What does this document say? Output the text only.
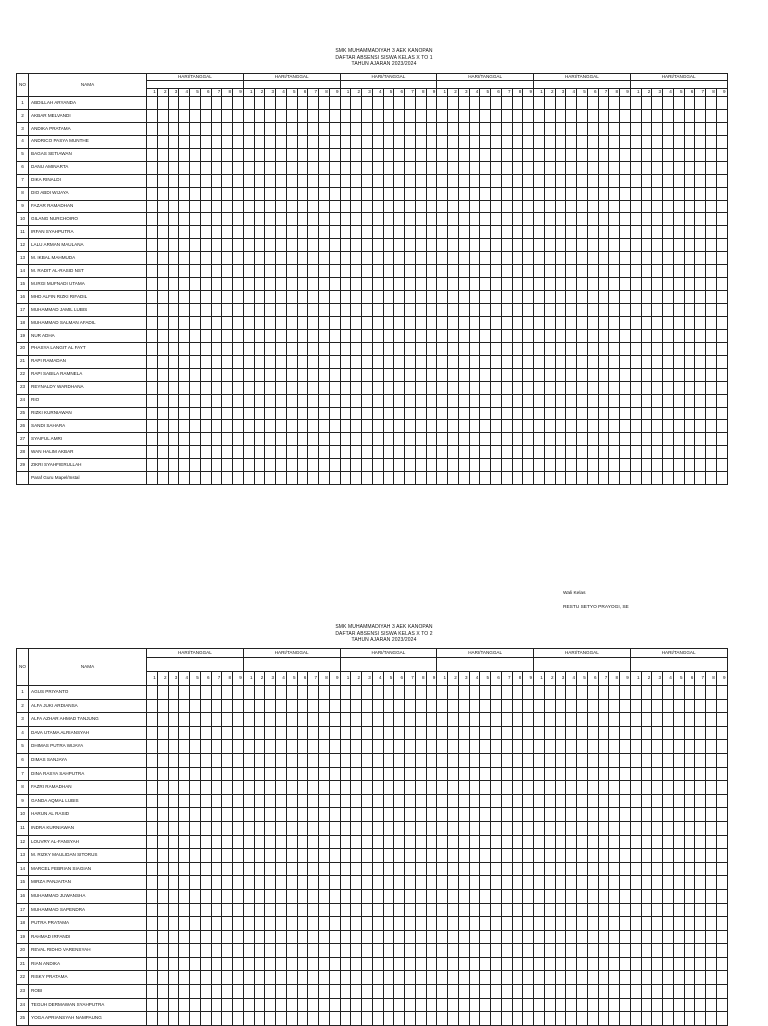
SMK MUHAMMADIYAH 3 AEK KANOPAN
DAFTAR ABSENSI SISWA KELAS X TO 1
TAHUN AJARAN 2023/2024
NO	NAMA	HARI/TANGGAL									HARI/TANGGAL									HARI/TANGGAL									HARI/TANGGAL									HARI/TANGGAL									HARI/TANGGAL								

		1	2	3	4	5	6	7	8	9	1	2	3	4	5	6	7	8	9	1	2	3	4	5	6	7	8	9	1	2	3	4	5	6	7	8	9	1	2	3	4	5	6	7	8	9	1	2	3	4	5	6	7	8	9
1	ABDILLAH ARYANDA																																																						
2	AKBAR MELVANDI																																																						
3	ANDIKA PRATAMA																																																						
4	ANDRICO PASYA MUNTHE																																																						
5	BAGAS SETIAWAN																																																						
6	DANU AMINARTA																																																						
7	DIKA RINALDI																																																						
8	DIO ABDI WIJAYA																																																						
9	FAZAR RAMADHAN																																																						
10	GILANG NURCHOIRO																																																						
11	IRFAN SYAHPUTRA																																																						
12	LALU ARMAN MAULANA																																																						
13	M. IKBAL MAHMUDA																																																						
14	M. RADIT AL-RASID NST																																																						
15	M.IRGI MUFNADI UTAMA																																																						
16	MHD ALFIN RIZKI RIFADIL																																																						
17	MUHAMMAD JAMIL LUBIS																																																						
18	MUHAMMAD SALMAN AFADIL																																																						
19	NUR ADHA																																																						
20	PHASYA LANGIT AL FAYT																																																						
21	RAPI RAMADAN																																																						
22	RAPI SABILA RAMNELA																																																						
23	REYNALDY WARDHANA																																																						
24	RIO																																																						
25	RIZKI KURNIAWAN																																																						
26	SANDI SAHARA																																																						
27	SYAIFUL AMRI																																																						
28	WAN HALIM AKBAR																																																						
29	ZIKRI SYAHFIERULLAH																																																						
	Paraf Guru Mapel/Instal																																																						
Wali Kelas
RESTU SETYO PRAYOGI, SE
SMK MUHAMMADIYAH 3 AEK KANOPAN
DAFTAR ABSENSI SISWA KELAS X TO 2
TAHUN AJARAN 2023/2024
NO	NAMA	HARI/TANGGAL									HARI/TANGGAL									HARI/TANGGAL									HARI/TANGGAL									HARI/TANGGAL									HARI/TANGGAL								

		1	2	3	4	5	6	7	8	9	1	2	3	4	5	6	7	8	9	1	2	3	4	5	6	7	8	9	1	2	3	4	5	6	7	8	9	1	2	3	4	5	6	7	8	9	1	2	3	4	5	6	7	8	9
1	AGUS PRIYANTO																																																						
2	ALFA JUKI ARDIANSA																																																						
3	ALFA AZHAR AHMAD TANJUNG																																																						
4	DAVA UTAMA ALRIANSYAH																																																						
5	DHIMAS PUTRA WIJAYA																																																						
6	DIMAS SANJAYA																																																						
7	DINA RASYA SAHPUTRA																																																						
8	FAZRI RAMADHAN																																																						
9	GANDA AQMAL LUBIS																																																						
10	HARUN AL RASID																																																						
11	INDRA KURNIAWAN																																																						
12	LOUVRY AL-FANSYAH																																																						
13	M. RIZKY MAULIDAN SITORUS																																																						
14	MARCEL FEBRIAN SIAGIAN																																																						
15	MIRZA PANJAITAN																																																						
16	MUHAMMAD JUWANSHA																																																						
17	MUHAMMAD SAPENDRA																																																						
18	PUTRA PRATAMA																																																						
19	RAHMAD IRFANDI																																																						
20	REVAL RIDHO VARENSYAH																																																						
21	RIAN ANDIKA																																																						
22	RISKY PRATAMA																																																						
23	ROBI																																																						
24	TEGUH DERMAWAN SYAHPUTRA																																																						
25	YOGA APRIANSYAH NAMPAUNG																																																						
